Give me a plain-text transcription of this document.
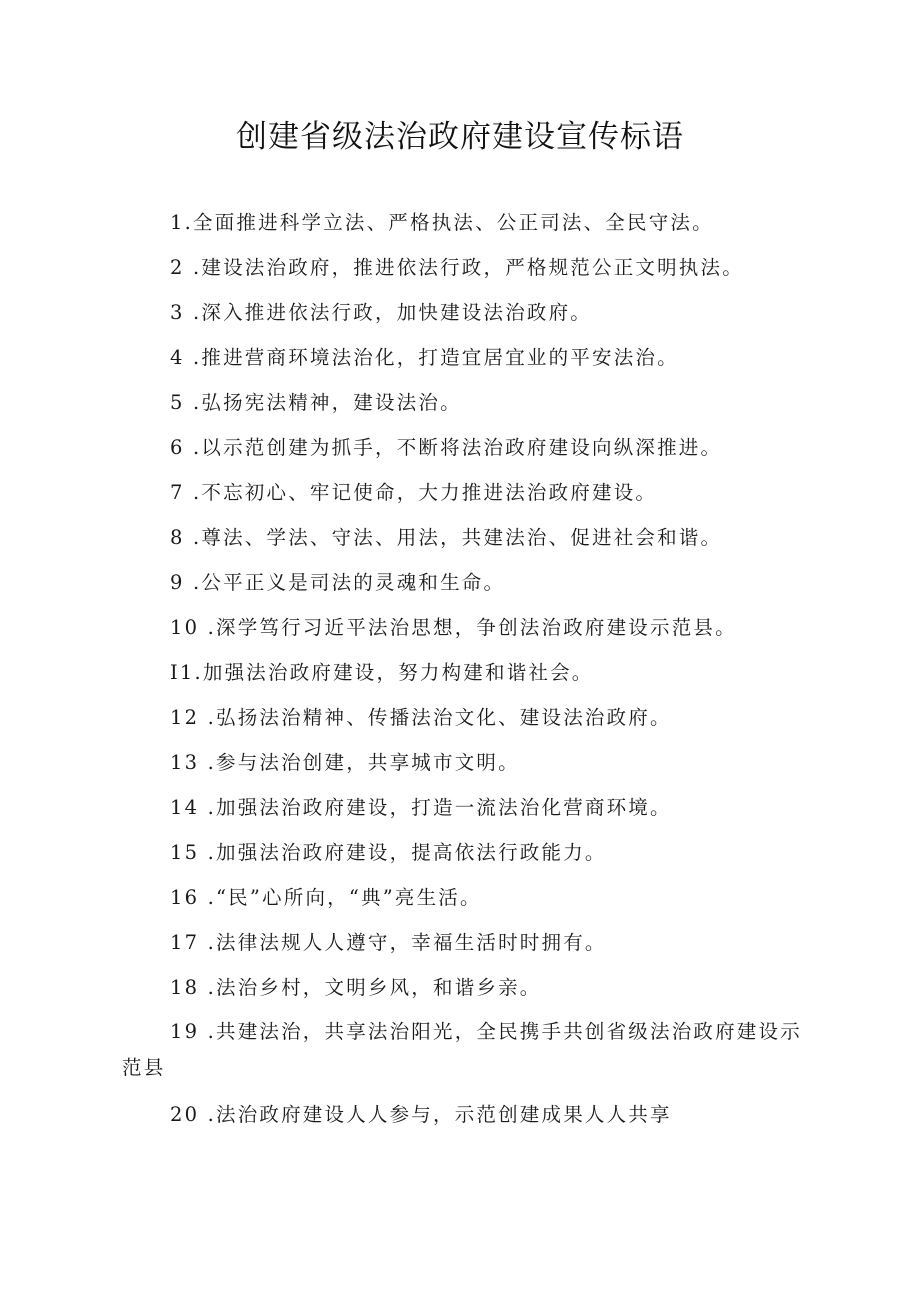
创建省级法治政府建设宣传标语
1.全面推进科学立法、严格执法、公正司法、全民守法。
2 .建设法治政府，推进依法行政，严格规范公正文明执法。
3 .深入推进依法行政，加快建设法治政府。
4 .推进营商环境法治化，打造宜居宜业的平安法治。
5 .弘扬宪法精神，建设法治。
6 .以示范创建为抓手，不断将法治政府建设向纵深推进。
7 .不忘初心、牢记使命，大力推进法治政府建设。
8 .尊法、学法、守法、用法，共建法治、促进社会和谐。
9 .公平正义是司法的灵魂和生命。
10 .深学笃行习近平法治思想，争创法治政府建设示范县。
I1.加强法治政府建设，努力构建和谐社会。
12 .弘扬法治精神、传播法治文化、建设法治政府。
13 .参与法治创建，共享城市文明。
14 .加强法治政府建设，打造一流法治化营商环境。
15 .加强法治政府建设，提高依法行政能力。
16 .“民”心所向，“典”亮生活。
17 .法律法规人人遵守，幸福生活时时拥有。
18 .法治乡村，文明乡风，和谐乡亲。
19 .共建法治，共享法治阳光，全民携手共创省级法治政府建设示范县
20 .法治政府建设人人参与，示范创建成果人人共享
